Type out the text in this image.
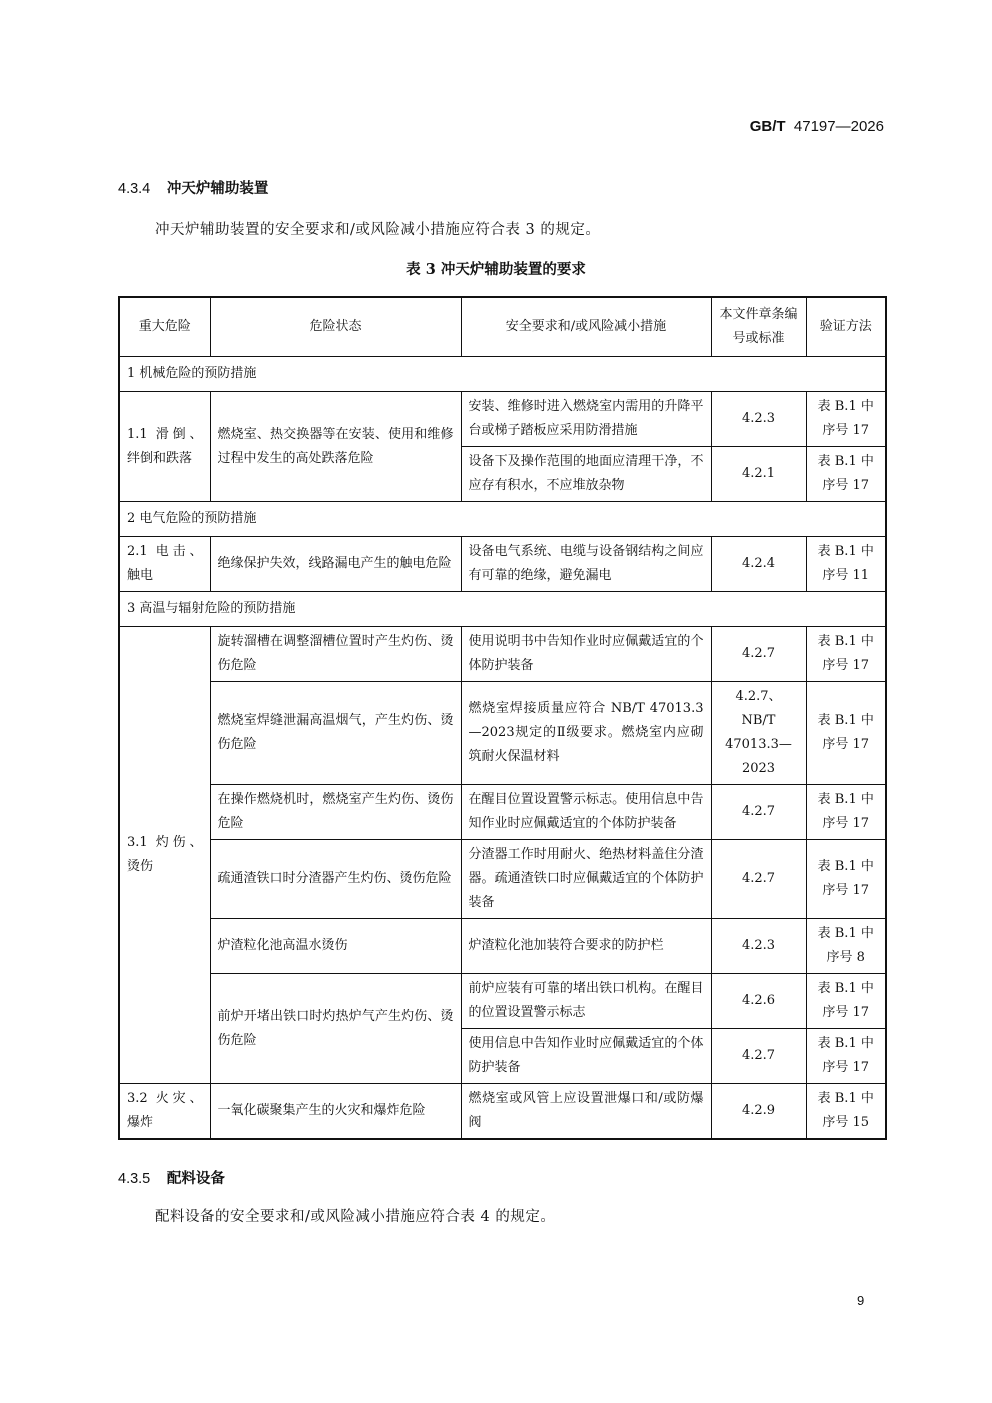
GB/T 47197—2026
4.3.4 冲天炉辅助装置
冲天炉辅助装置的安全要求和/或风险减小措施应符合表 3 的规定。
表 3 冲天炉辅助装置的要求
重大危险	危险状态	安全要求和/或风险减小措施	本文件章条编号或标准	验证方法
1 机械危险的预防措施				
1.1 滑倒、绊倒和跌落	燃烧室、热交换器等在安装、使用和维修过程中发生的高处跌落危险	安装、维修时进入燃烧室内需用的升降平台或梯子踏板应采用防滑措施	4.2.3	表 B.1 中序号 17
		设备下及操作范围的地面应清理干净，不应存有积水，不应堆放杂物	4.2.1	表 B.1 中序号 17
2 电气危险的预防措施				
2.1 电击、触电	绝缘保护失效，线路漏电产生的触电危险	设备电气系统、电缆与设备钢结构之间应有可靠的绝缘，避免漏电	4.2.4	表 B.1 中序号 11
3 高温与辐射危险的预防措施				
3.1 灼伤、烫伤	旋转溜槽在调整溜槽位置时产生灼伤、烫伤危险	使用说明书中告知作业时应佩戴适宜的个体防护装备	4.2.7	表 B.1 中序号 17
	燃烧室焊缝泄漏高温烟气，产生灼伤、烫伤危险	燃烧室焊接质量应符合 NB/T 47013.3—2023规定的Ⅱ级要求。燃烧室内应砌筑耐火保温材料	4.2.7、NB/T 47013.3—2023	表 B.1 中序号 17
	在操作燃烧机时，燃烧室产生灼伤、烫伤危险	在醒目位置设置警示标志。使用信息中告知作业时应佩戴适宜的个体防护装备	4.2.7	表 B.1 中序号 17
	疏通渣铁口时分渣器产生灼伤、烫伤危险	分渣器工作时用耐火、绝热材料盖住分渣器。疏通渣铁口时应佩戴适宜的个体防护装备	4.2.7	表 B.1 中序号 17
	炉渣粒化池高温水烫伤	炉渣粒化池加装符合要求的防护栏	4.2.3	表 B.1 中序号 8
	前炉开堵出铁口时灼热炉气产生灼伤、烫伤危险	前炉应装有可靠的堵出铁口机构。在醒目的位置设置警示标志	4.2.6	表 B.1 中序号 17
		使用信息中告知作业时应佩戴适宜的个体防护装备	4.2.7	表 B.1 中序号 17
3.2 火灾、爆炸	一氧化碳聚集产生的火灾和爆炸危险	燃烧室或风管上应设置泄爆口和/或防爆阀	4.2.9	表 B.1 中序号 15
4.3.5 配料设备
配料设备的安全要求和/或风险减小措施应符合表 4 的规定。
9
